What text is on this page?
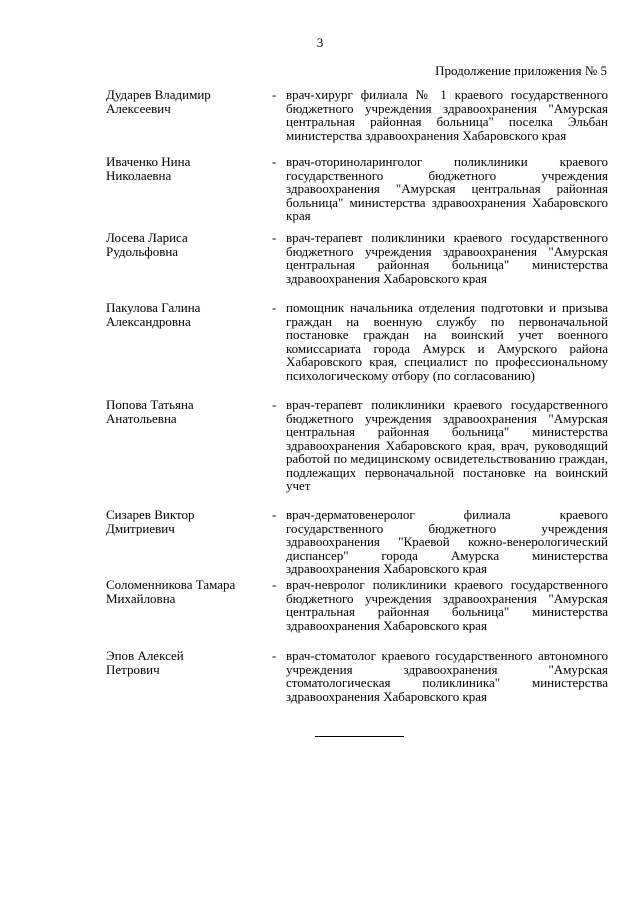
3
Продолжение приложения № 5
Дударев Владимир
Алексеевич
- врач-хирург филиала № 1 краевого государственного бюджетного учреждения здравоохранения "Амурская центральная районная больница" поселка Эльбан министерства здравоохранения Хабаровского края
Иваченко Нина
Николаевна
- врач-оториноларинголог поликлиники краевого государственного бюджетного учреждения здравоохранения "Амурская центральная районная больница" министерства здравоохранения Хабаровского края
Лосева Лариса
Рудольфовна
- врач-терапевт поликлиники краевого государственного бюджетного учреждения здравоохранения "Амурская центральная районная больница" министерства здравоохранения Хабаровского края
Пакулова Галина
Александровна
- помощник начальника отделения подготовки и призыва граждан на военную службу по первоначальной постановке граждан на воинский учет военного комиссариата города Амурск и Амурского района Хабаровского края, специалист по профессиональному психологическому отбору (по согласованию)
Попова Татьяна
Анатольевна
- врач-терапевт поликлиники краевого государственного бюджетного учреждения здравоохранения "Амурская центральная районная больница" министерства здравоохранения Хабаровского края, врач, руководящий работой по медицинскому освидетельствованию граждан, подлежащих первоначальной постановке на воинский учет
Сизарев Виктор
Дмитриевич
- врач-дерматовенеролог филиала краевого государственного бюджетного учреждения здравоохранения "Краевой кожно-венерологический диспансер" города Амурска министерства здравоохранения Хабаровского края
Соломенникова Тамара
Михайловна
- врач-невролог поликлиники краевого государственного бюджетного учреждения здравоохранения "Амурская центральная районная больница" министерства здравоохранения Хабаровского края
Эпов Алексей
Петрович
- врач-стоматолог краевого государственного автономного учреждения здравоохранения "Амурская стоматологическая поликлиника" министерства здравоохранения Хабаровского края
